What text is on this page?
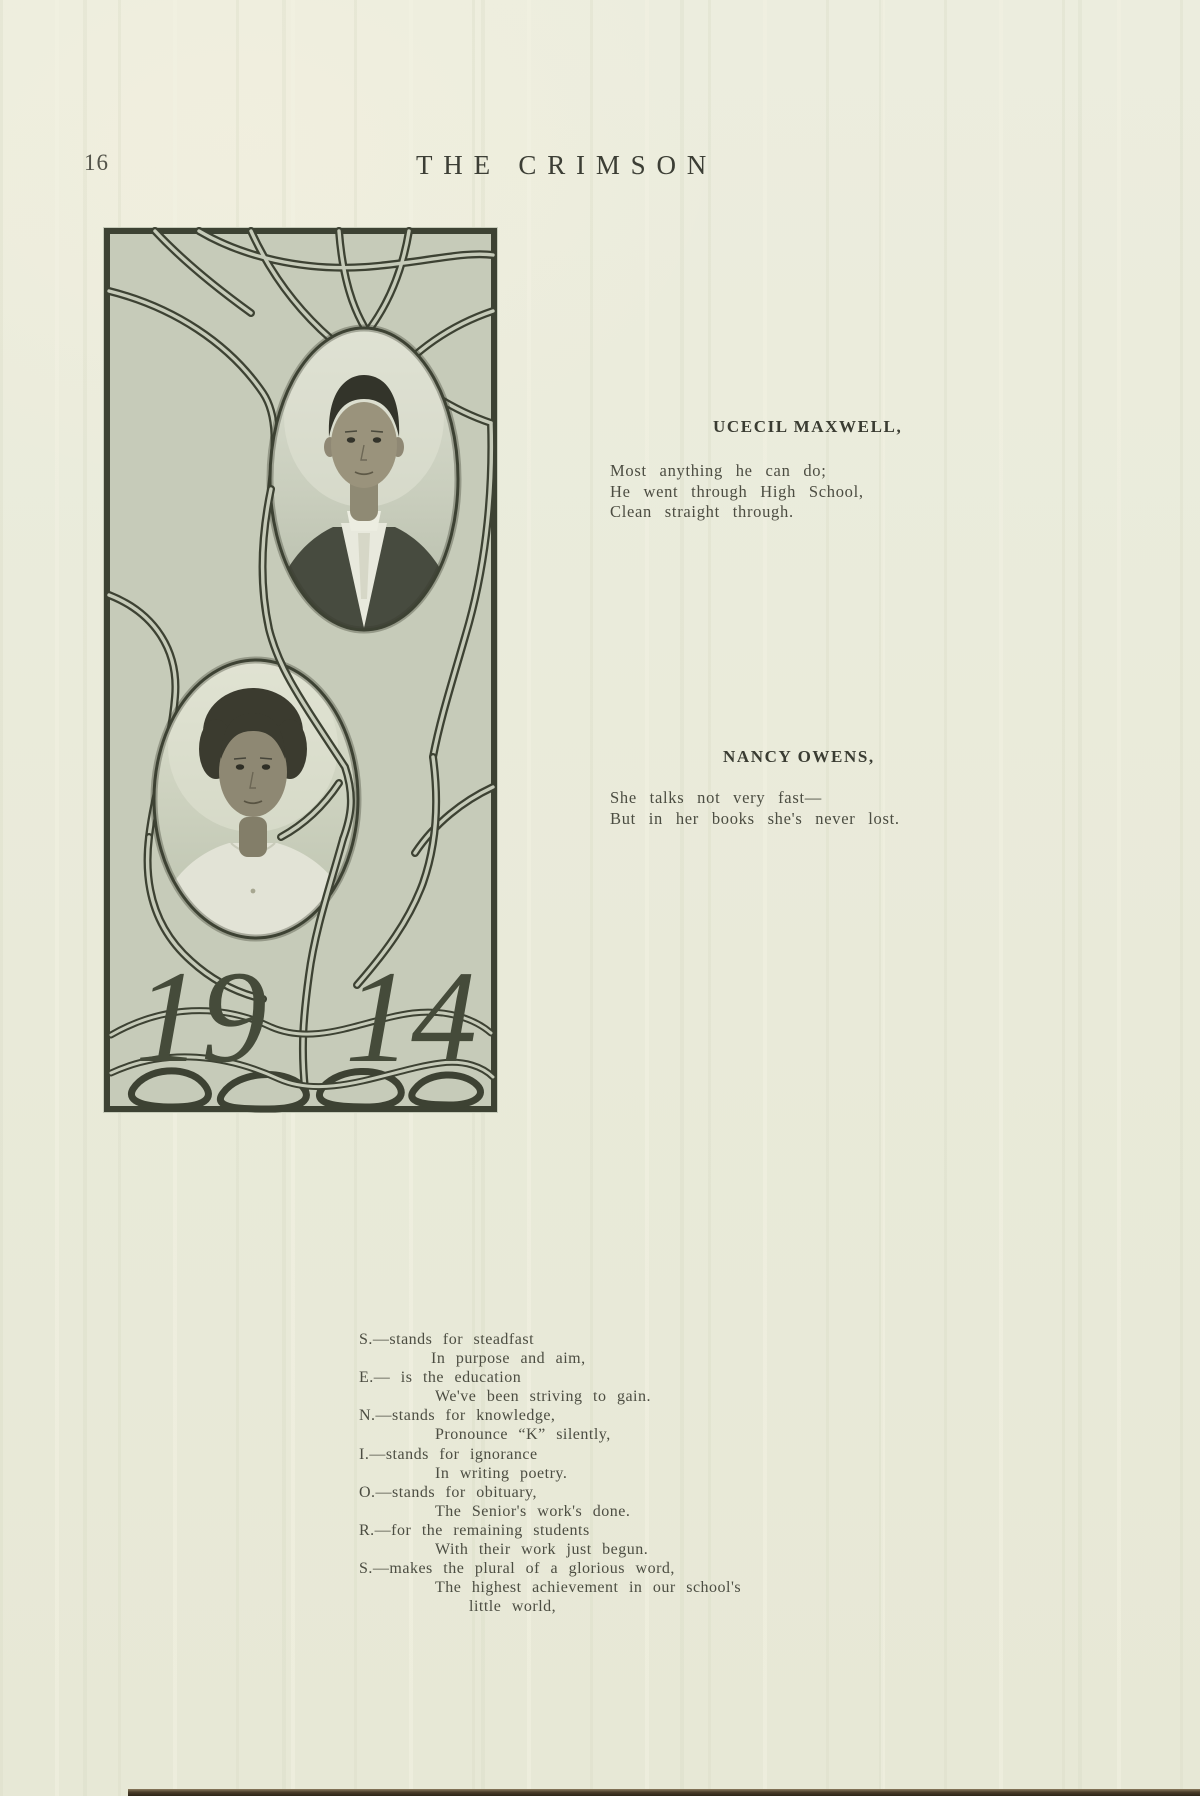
16	THE CRIMSON
19 14
UCECIL MAXWELL,
Most anything he can do;
He went through High School,
Clean straight through.
NANCY OWENS,
She talks not very fast—
But in her books she's never lost.
S.—stands for steadfast
In purpose and aim,
E.— is the education
We've been striving to gain.
N.—stands for knowledge,
Pronounce “K” silently,
I.—stands for ignorance
In writing poetry.
O.—stands for obituary,
The Senior's work's done.
R.—for the remaining students
With their work just begun.
S.—makes the plural of a glorious word,
The highest achievement in our school's
little world,
